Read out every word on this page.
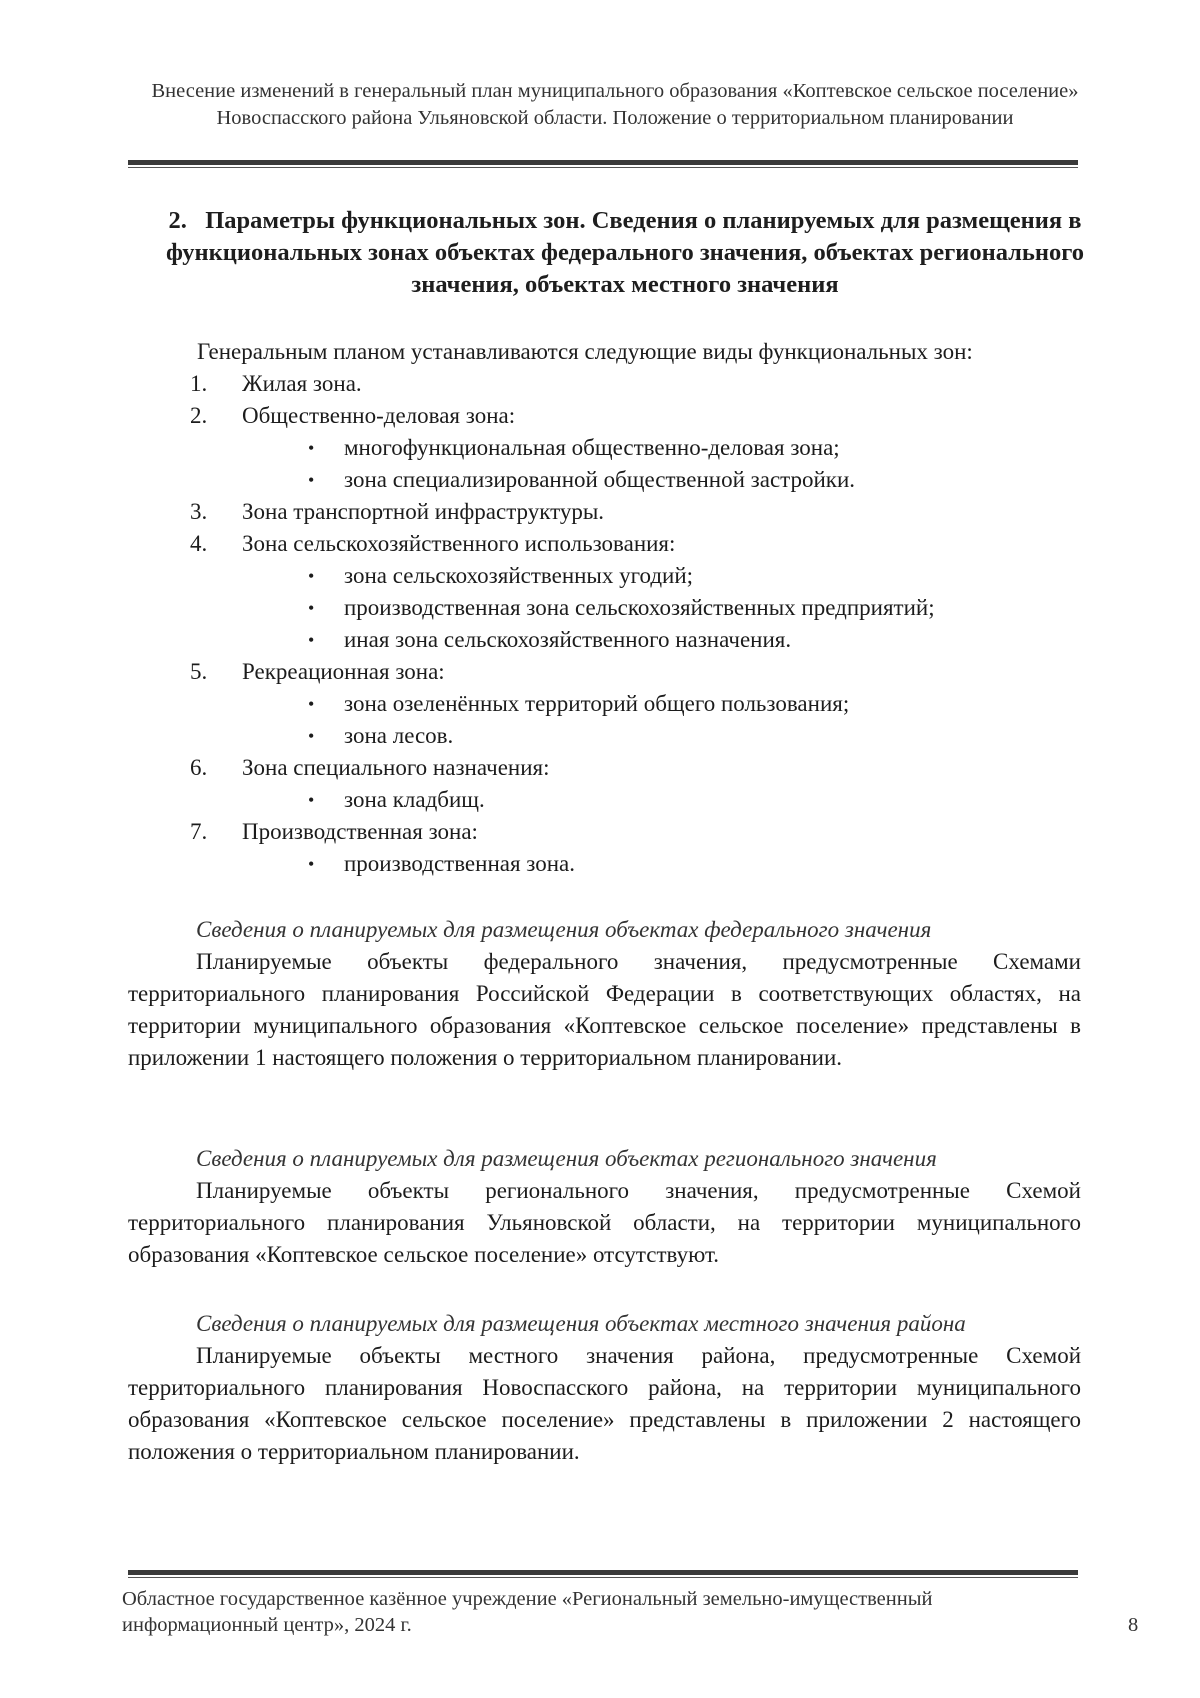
Внесение изменений в генеральный план муниципального образования «Коптевское сельское поселение» Новоспасского района Ульяновской области. Положение о территориальном планировании
2. Параметры функциональных зон. Сведения о планируемых для размещения в функциональных зонах объектах федерального значения, объектах регионального значения, объектах местного значения
Генеральным планом устанавливаются следующие виды функциональных зон:
1.	Жилая зона.
2.	Общественно-деловая зона:
•	многофункциональная общественно-деловая зона;
•	зона специализированной общественной застройки.
3.	Зона транспортной инфраструктуры.
4.	Зона сельскохозяйственного использования:
•	зона сельскохозяйственных угодий;
•	производственная зона сельскохозяйственных предприятий;
•	иная зона сельскохозяйственного назначения.
5.	Рекреационная зона:
•	зона озеленённых территорий общего пользования;
•	зона лесов.
6.	Зона специального назначения:
•	зона кладбищ.
7.	Производственная зона:
•	производственная зона.
Сведения о планируемых для размещения объектах федерального значения
Планируемые объекты федерального значения, предусмотренные Схемами территориального планирования Российской Федерации в соответствующих областях, на территории муниципального образования «Коптевское сельское поселение» представлены в приложении 1 настоящего положения о территориальном планировании.
Сведения о планируемых для размещения объектах регионального значения
Планируемые объекты регионального значения, предусмотренные Схемой территориального планирования Ульяновской области, на территории муниципального образования «Коптевское сельское поселение» отсутствуют.
Сведения о планируемых для размещения объектах местного значения района
Планируемые объекты местного значения района, предусмотренные Схемой территориального планирования Новоспасского района, на территории муниципального образования «Коптевское сельское поселение» представлены в приложении 2 настоящего положения о территориальном планировании.
Областное государственное казённое учреждение «Региональный земельно-имущественный информационный центр», 2024 г.	8
